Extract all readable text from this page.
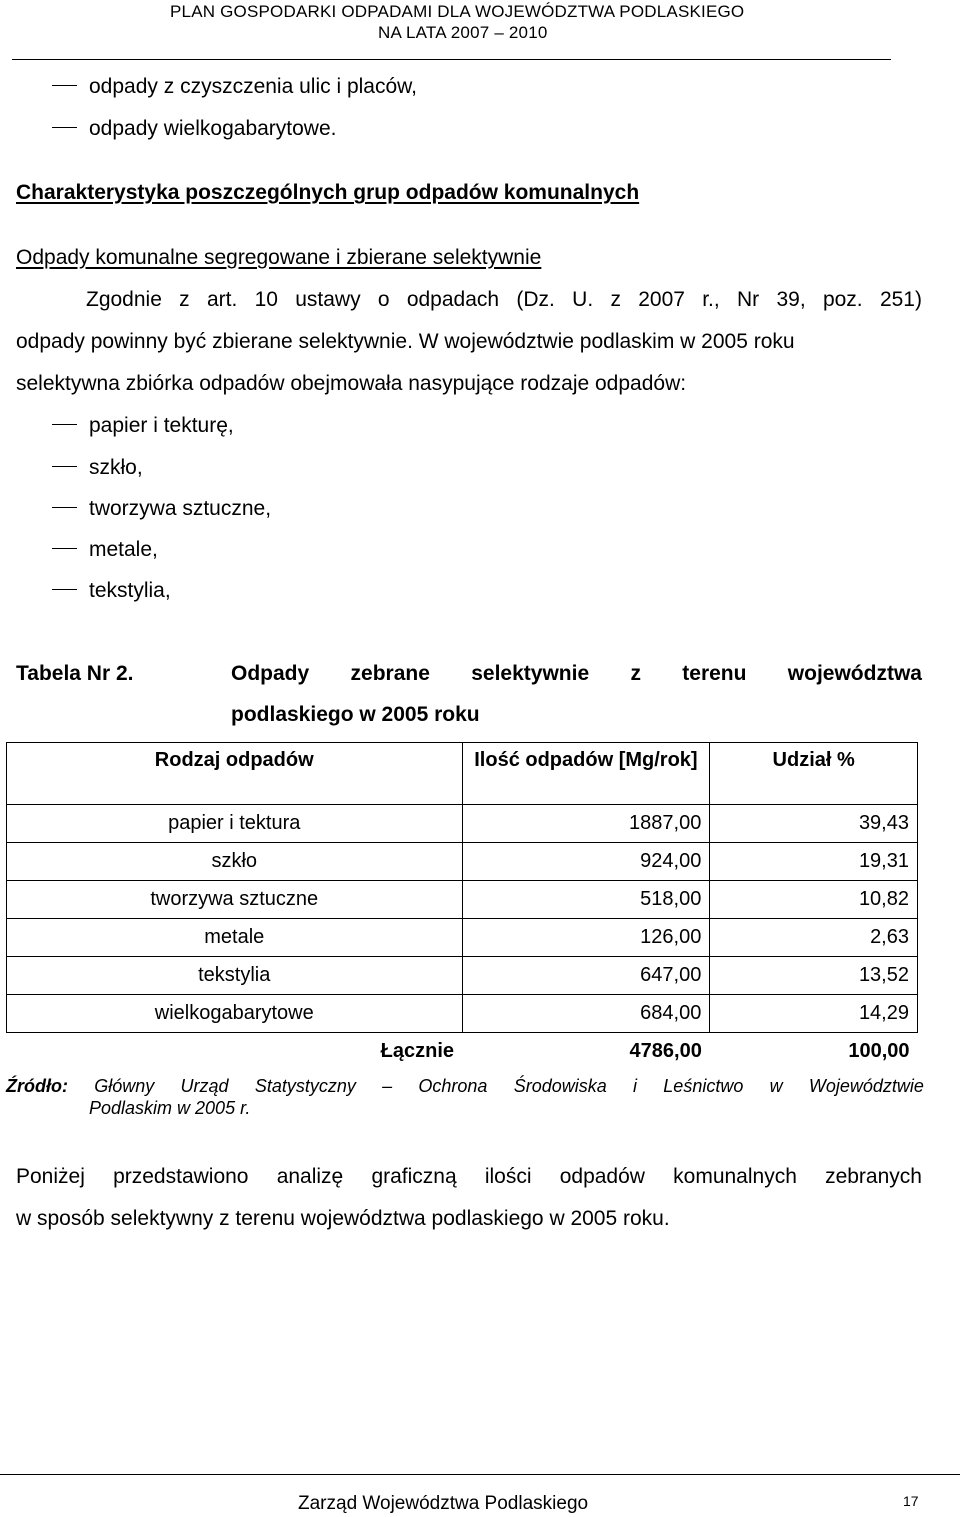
PLAN GOSPODARKI ODPADAMI DLA WOJEWÓDZTWA PODLASKIEGO
NA LATA 2007 – 2010
odpady z czyszczenia ulic i placów,
odpady wielkogabarytowe.
Charakterystyka poszczególnych grup odpadów komunalnych
Odpady komunalne segregowane i zbierane selektywnie
Zgodnie z art. 10 ustawy o odpadach (Dz. U. z 2007 r., Nr 39, poz. 251)
odpady powinny być zbierane selektywnie. W województwie podlaskim w 2005 roku
selektywna zbiórka odpadów obejmowała nasypujące rodzaje odpadów:
papier i tekturę,
szkło,
tworzywa sztuczne,
metale,
tekstylia,
Tabela Nr 2.	Odpady zebrane selektywnie z terenu województwa
podlaskiego w 2005 roku
Rodzaj odpadów	Ilość odpadów [Mg/rok]	Udział %
papier i tektura	1887,00	39,43
szkło	924,00	19,31
tworzywa sztuczne	518,00	10,82
metale	126,00	2,63
tekstylia	647,00	13,52
wielkogabarytowe	684,00	14,29
Łącznie	4786,00	100,00
Źródło: Główny Urząd Statystyczny – Ochrona Środowiska i Leśnictwo w Województwie
Podlaskim w 2005 r.
Poniżej przedstawiono analizę graficzną ilości odpadów komunalnych zebranych
w sposób selektywny z terenu województwa podlaskiego w 2005 roku.
Zarząd Województwa Podlaskiego	17
